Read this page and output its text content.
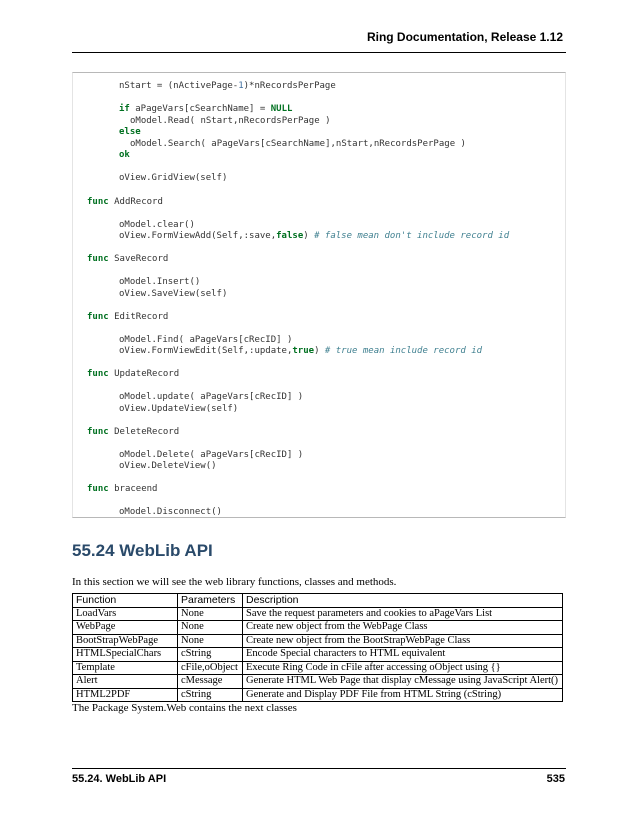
Ring Documentation, Release 1.12
nStart = (nActivePage-1)*nRecordsPerPage
if aPageVars[cSearchName] = NULL
oModel.Read( nStart,nRecordsPerPage )
else
oModel.Search( aPageVars[cSearchName],nStart,nRecordsPerPage )
ok
oView.GridView(self)
func AddRecord
oModel.clear()
oView.FormViewAdd(Self,:save,false) # false mean don't include record id
func SaveRecord
oModel.Insert()
oView.SaveView(self)
func EditRecord
oModel.Find( aPageVars[cRecID] )
oView.FormViewEdit(Self,:update,true) # true mean include record id
func UpdateRecord
oModel.update( aPageVars[cRecID] )
oView.UpdateView(self)
func DeleteRecord
oModel.Delete( aPageVars[cRecID] )
oView.DeleteView()
func braceend
oModel.Disconnect()
55.24 WebLib API
In this section we will see the web library functions, classes and methods.
Function	Parameters	Description
LoadVars	None	Save the request parameters and cookies to aPageVars List
WebPage	None	Create new object from the WebPage Class
BootStrapWebPage	None	Create new object from the BootStrapWebPage Class
HTMLSpecialChars	cString	Encode Special characters to HTML equivalent
Template	cFile,oObject	Execute Ring Code in cFile after accessing oObject using {}
Alert	cMessage	Generate HTML Web Page that display cMessage using JavaScript Alert()
HTML2PDF	cString	Generate and Display PDF File from HTML String (cString)
The Package System.Web contains the next classes
55.24. WebLib API	535
